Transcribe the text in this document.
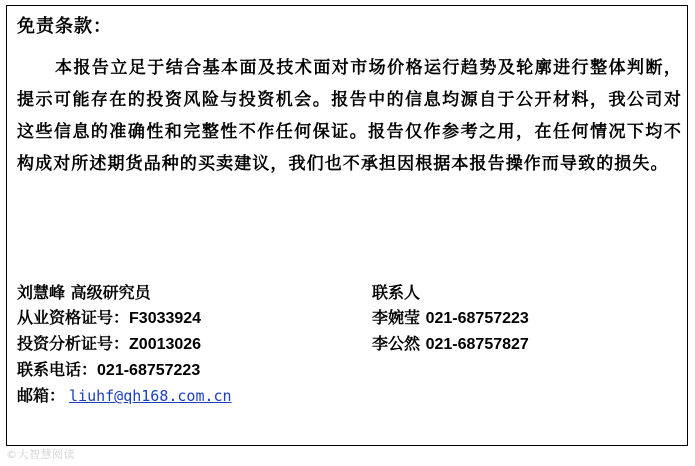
免责条款：

本报告立足于结合基本面及技术面对市场价格运行趋势及轮廓进行整体判断，提示可能存在的投资风险与投资机会。报告中的信息均源自于公开材料，我公司对这些信息的准确性和完整性不作任何保证。报告仅作参考之用，在任何情况下均不构成对所述期货品种的买卖建议，我们也不承担因根据本报告操作而导致的损失。

刘慧峰 高级研究员
从业资格证号：F3033924
投资分析证号：Z0013026
联系电话：021-68757223
邮箱： liuhf@qh168.com.cn
联系人
李婉莹 021-68757223
李公然 021-68757827
©大智慧阅读
